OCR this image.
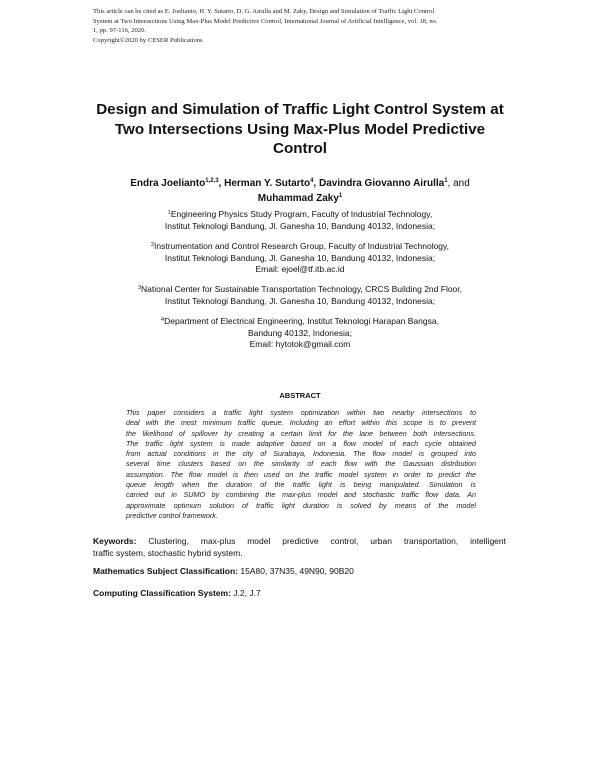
This article can be cited as E. Joelianto, H. Y. Sutarto, D. G. Airulla and M. Zaky, Design and Simulation of Traffic Light Control
System at Two Intersections Using Max-Plus Model Predictive Control, International Journal of Artificial Intelligence, vol. 18, no.
1, pp. 97-116, 2020.
Copyright©2020 by CESER Publications
Design and Simulation of Traffic Light Control System at
Two Intersections Using Max-Plus Model Predictive
Control
Endra Joelianto$^{1,2,3}$, Herman Y. Sutarto$^4$, Davindra Giovanno Airulla$^1$, and
Muhammad Zaky$^1$
$^1$Engineering Physics Study Program, Faculty of Industrial Technology,
Institut Teknologi Bandung, Jl. Ganesha 10, Bandung 40132, Indonesia;
$^2$Instrumentation and Control Research Group, Faculty of Industrial Technology,
Institut Teknologi Bandung, Jl. Ganesha 10, Bandung 40132, Indonesia;
Email: ejoel@tf.itb.ac.id
$^3$National Center for Sustainable Transportation Technology, CRCS Building 2nd Floor,
Institut Teknologi Bandung, Jl. Ganesha 10, Bandung 40132, Indonesia;
$^4$Department of Electrical Engineering, Institut Teknologi Harapan Bangsa,
Bandung 40132, Indonesia;
Email: hytotok@gmail.com
ABSTRACT
This paper considers a traffic light system optimization within two nearby intersections to
deal with the most minimum traffic queue. Including an effort within this scope is to prevent
the likelihood of spillover by creating a certain limit for the lane between both intersections.
The traffic light system is made adaptive based on a flow model of each cycle obtained
from actual conditions in the city of Surabaya, Indonesia. The flow model is grouped into
several time clusters based on the similarity of each flow with the Gaussian distribution
assumption. The flow model is then used on the traffic model system in order to predict the
queue length when the duration of the traffic light is being manipulated. Simulation is
carried out in SUMO by combining the max-plus model and stochastic traffic flow data. An
approximate optimum solution of traffic light duration is solved by means of the model
predictive control framework.
Keywords: Clustering, max-plus model predictive control, urban transportation, intelligent
traffic system, stochastic hybrid system.
Mathematics Subject Classification: 15A80, 37N35, 49N90, 90B20
Computing Classification System: J.2, J.7
